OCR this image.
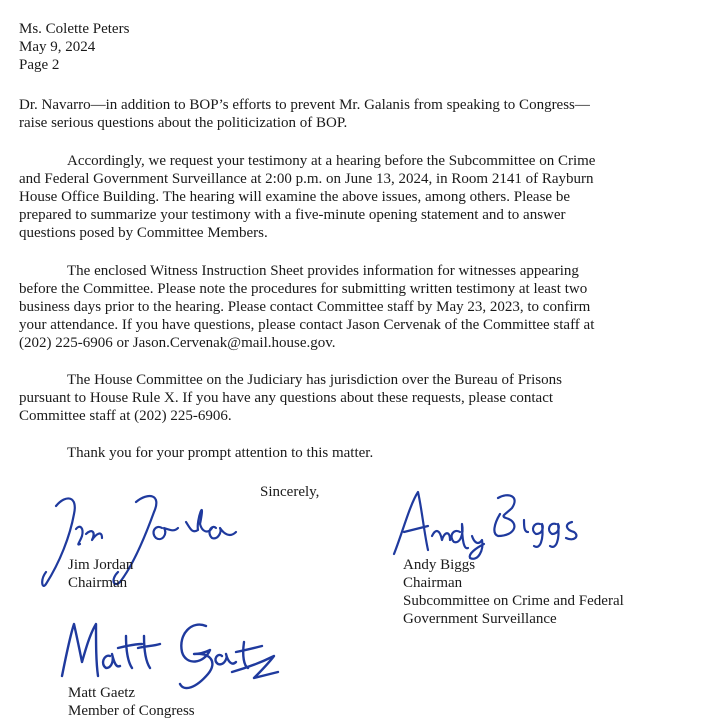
Ms. Colette Peters
May 9, 2024
Page 2
Dr. Navarro—in addition to BOP’s efforts to prevent Mr. Galanis from speaking to Congress—
raise serious questions about the politicization of BOP.
Accordingly, we request your testimony at a hearing before the Subcommittee on Crime
and Federal Government Surveillance at 2:00 p.m. on June 13, 2024, in Room 2141 of Rayburn
House Office Building. The hearing will examine the above issues, among others. Please be
prepared to summarize your testimony with a five-minute opening statement and to answer
questions posed by Committee Members.
The enclosed Witness Instruction Sheet provides information for witnesses appearing
before the Committee. Please note the procedures for submitting written testimony at least two
business days prior to the hearing. Please contact Committee staff by May 23, 2023, to confirm
your attendance. If you have questions, please contact Jason Cervenak of the Committee staff at
(202) 225-6906 or Jason.Cervenak@mail.house.gov.
The House Committee on the Judiciary has jurisdiction over the Bureau of Prisons
pursuant to House Rule X. If you have any questions about these requests, please contact
Committee staff at (202) 225-6906.
Thank you for your prompt attention to this matter.
Sincerely,
Jim Jordan
Chairman
Andy Biggs
Chairman
Subcommittee on Crime and Federal
Government Surveillance
Matt Gaetz
Member of Congress
